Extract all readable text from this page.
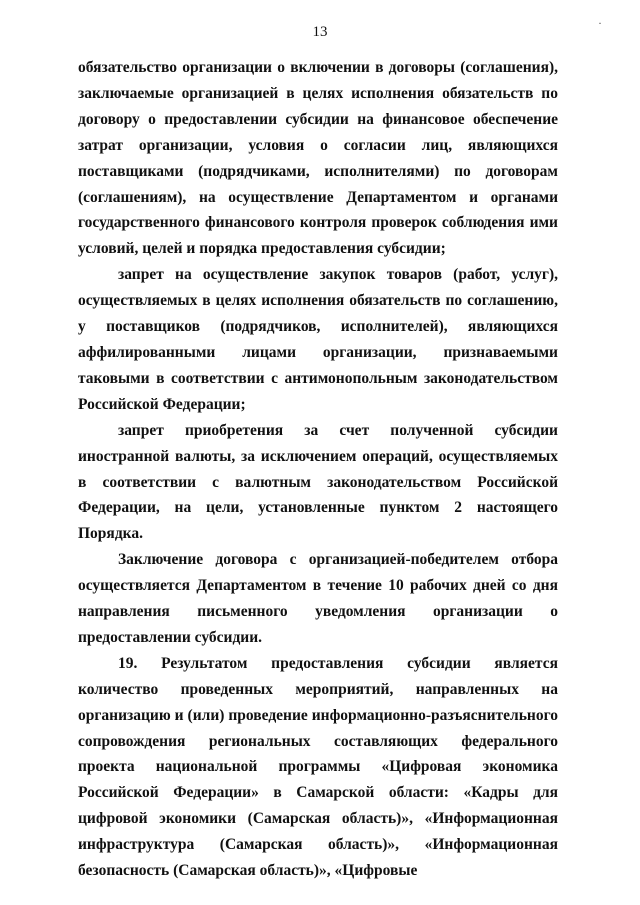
·
13

обязательство организации о включении в договоры (соглашения), заключаемые организацией в целях исполнения обязательств по договору о предоставлении субсидии на финансовое обеспечение затрат организации, условия о согласии лиц, являющихся поставщиками (подрядчиками, исполнителями) по договорам (соглашениям), на осуществление Департаментом и органами государственного финансового контроля проверок соблюдения ими условий, целей и порядка предоставления субсидии;

запрет на осуществление закупок товаров (работ, услуг), осуществляемых в целях исполнения обязательств по соглашению, у поставщиков (подрядчиков, исполнителей), являющихся аффилированными лицами организации, признаваемыми таковыми в соответствии с антимонопольным законодательством Российской Федерации;

запрет приобретения за счет полученной субсидии иностранной валюты, за исключением операций, осуществляемых в соответствии с валютным законодательством Российской Федерации, на цели, установленные пунктом 2 настоящего Порядка.

Заключение договора с организацией-победителем отбора осуществляется Департаментом в течение 10 рабочих дней со дня направления письменного уведомления организации о предоставлении субсидии.

19. Результатом предоставления субсидии является количество проведенных мероприятий, направленных на организацию и (или) проведение информационно-разъяснительного сопровождения региональных составляющих федерального проекта национальной программы «Цифровая экономика Российской Федерации» в Самарской области: «Кадры для цифровой экономики (Самарская область)», «Информационная инфраструктура (Самарская область)», «Информационная безопасность (Самарская область)», «Цифровые
